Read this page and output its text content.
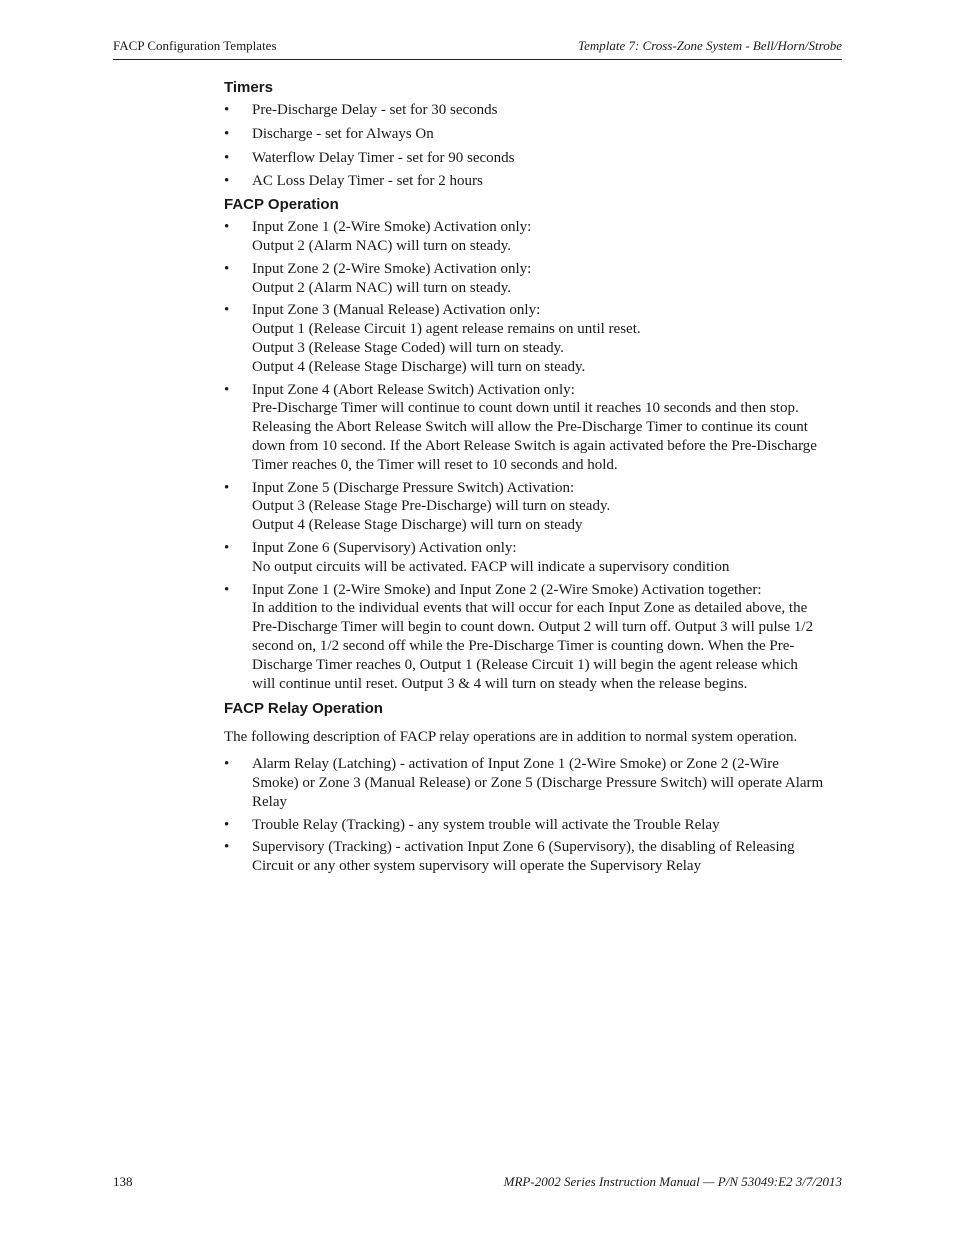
FACP Configuration Templates	Template 7: Cross-Zone System - Bell/Horn/Strobe
Timers
• Pre-Discharge Delay - set for 30 seconds
• Discharge - set for Always On
• Waterflow Delay Timer - set for 90 seconds
• AC Loss Delay Timer - set for 2 hours
FACP Operation
• Input Zone 1 (2-Wire Smoke) Activation only:
Output 2 (Alarm NAC) will turn on steady.
• Input Zone 2 (2-Wire Smoke) Activation only:
Output 2 (Alarm NAC) will turn on steady.
• Input Zone 3 (Manual Release) Activation only:
Output 1 (Release Circuit 1) agent release remains on until reset.
Output 3 (Release Stage Coded) will turn on steady.
Output 4 (Release Stage Discharge) will turn on steady.
• Input Zone 4 (Abort Release Switch) Activation only:
Pre-Discharge Timer will continue to count down until it reaches 10 seconds and then stop.
Releasing the Abort Release Switch will allow the Pre-Discharge Timer to continue its count
down from 10 second. If the Abort Release Switch is again activated before the Pre-Discharge
Timer reaches 0, the Timer will reset to 10 seconds and hold.
• Input Zone 5 (Discharge Pressure Switch) Activation:
Output 3 (Release Stage Pre-Discharge) will turn on steady.
Output 4 (Release Stage Discharge) will turn on steady
• Input Zone 6 (Supervisory) Activation only:
No output circuits will be activated. FACP will indicate a supervisory condition
• Input Zone 1 (2-Wire Smoke) and Input Zone 2 (2-Wire Smoke) Activation together:
In addition to the individual events that will occur for each Input Zone as detailed above, the
Pre-Discharge Timer will begin to count down. Output 2 will turn off. Output 3 will pulse 1/2
second on, 1/2 second off while the Pre-Discharge Timer is counting down. When the Pre-
Discharge Timer reaches 0, Output 1 (Release Circuit 1) will begin the agent release which
will continue until reset. Output 3 & 4 will turn on steady when the release begins.
FACP Relay Operation

The following description of FACP relay operations are in addition to normal system operation.

• Alarm Relay (Latching) - activation of Input Zone 1 (2-Wire Smoke) or Zone 2 (2-Wire
Smoke) or Zone 3 (Manual Release) or Zone 5 (Discharge Pressure Switch) will operate Alarm
Relay
• Trouble Relay (Tracking) - any system trouble will activate the Trouble Relay
• Supervisory (Tracking) - activation Input Zone 6 (Supervisory), the disabling of Releasing
Circuit or any other system supervisory will operate the Supervisory Relay
138	MRP-2002 Series Instruction Manual — P/N 53049:E2 3/7/2013
